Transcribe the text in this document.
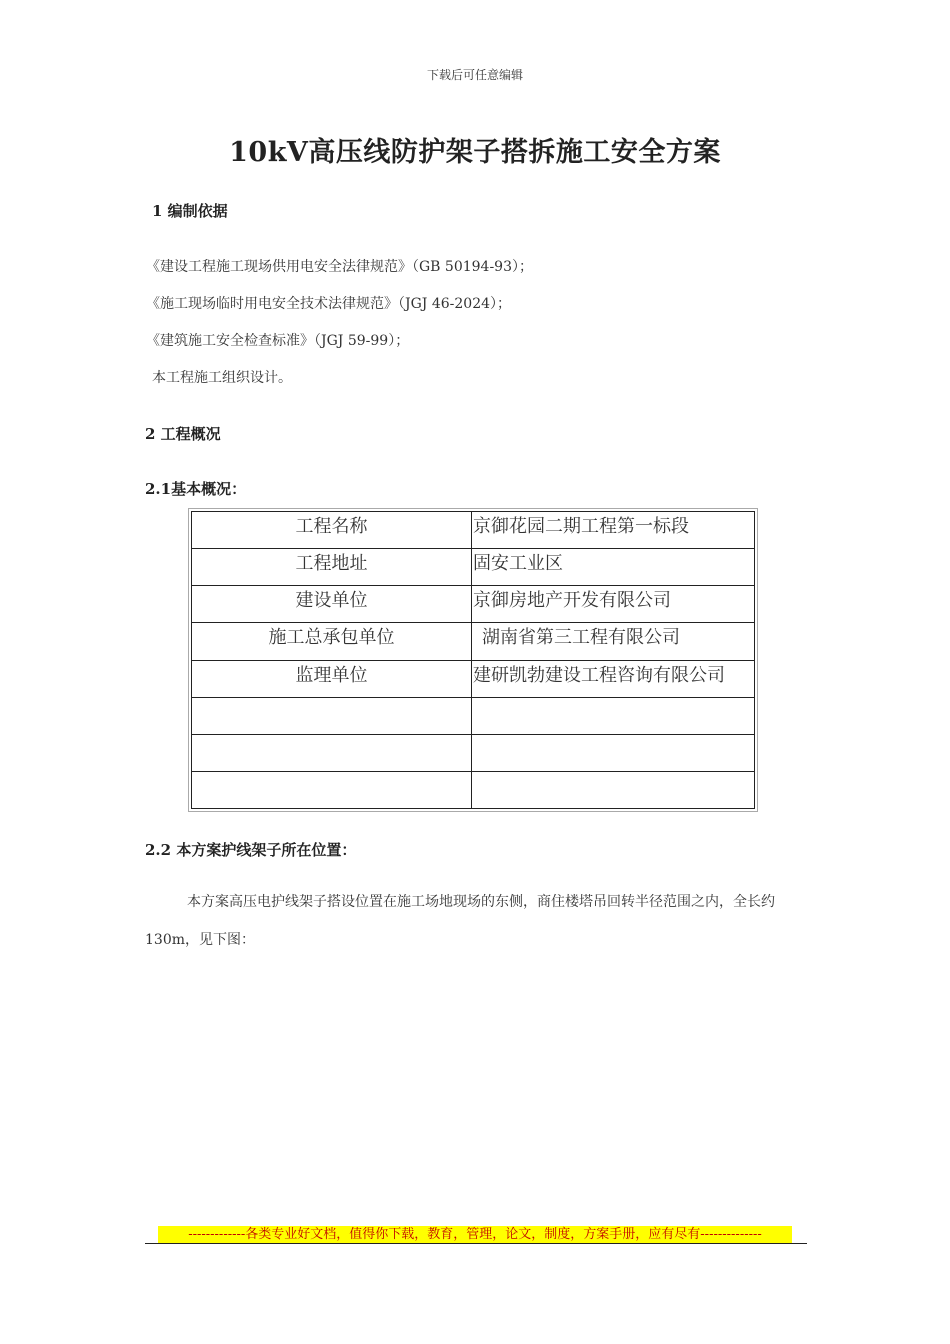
下载后可任意编辑
10kV高压线防护架子搭拆施工安全方案
1 编制依据
《建设工程施工现场供用电安全法律规范》（GB 50194-93）；
《施工现场临时用电安全技术法律规范》（JGJ 46-2024）；
《建筑施工安全检查标准》（JGJ 59-99）；
本工程施工组织设计。
2 工程概况
2.1基本概况：
工程名称	京御花园二期工程第一标段
工程地址	固安工业区
建设单位	京御房地产开发有限公司
施工总承包单位	湖南省第三工程有限公司
监理单位	建研凯勃建设工程咨询有限公司

2.2 本方案护线架子所在位置：
本方案高压电护线架子搭设位置在施工场地现场的东侧，商住楼塔吊回转半径范围之内，全长约130m，见下图：
-------------各类专业好文档，值得你下载，教育，管理，论文，制度，方案手册，应有尽有--------------
